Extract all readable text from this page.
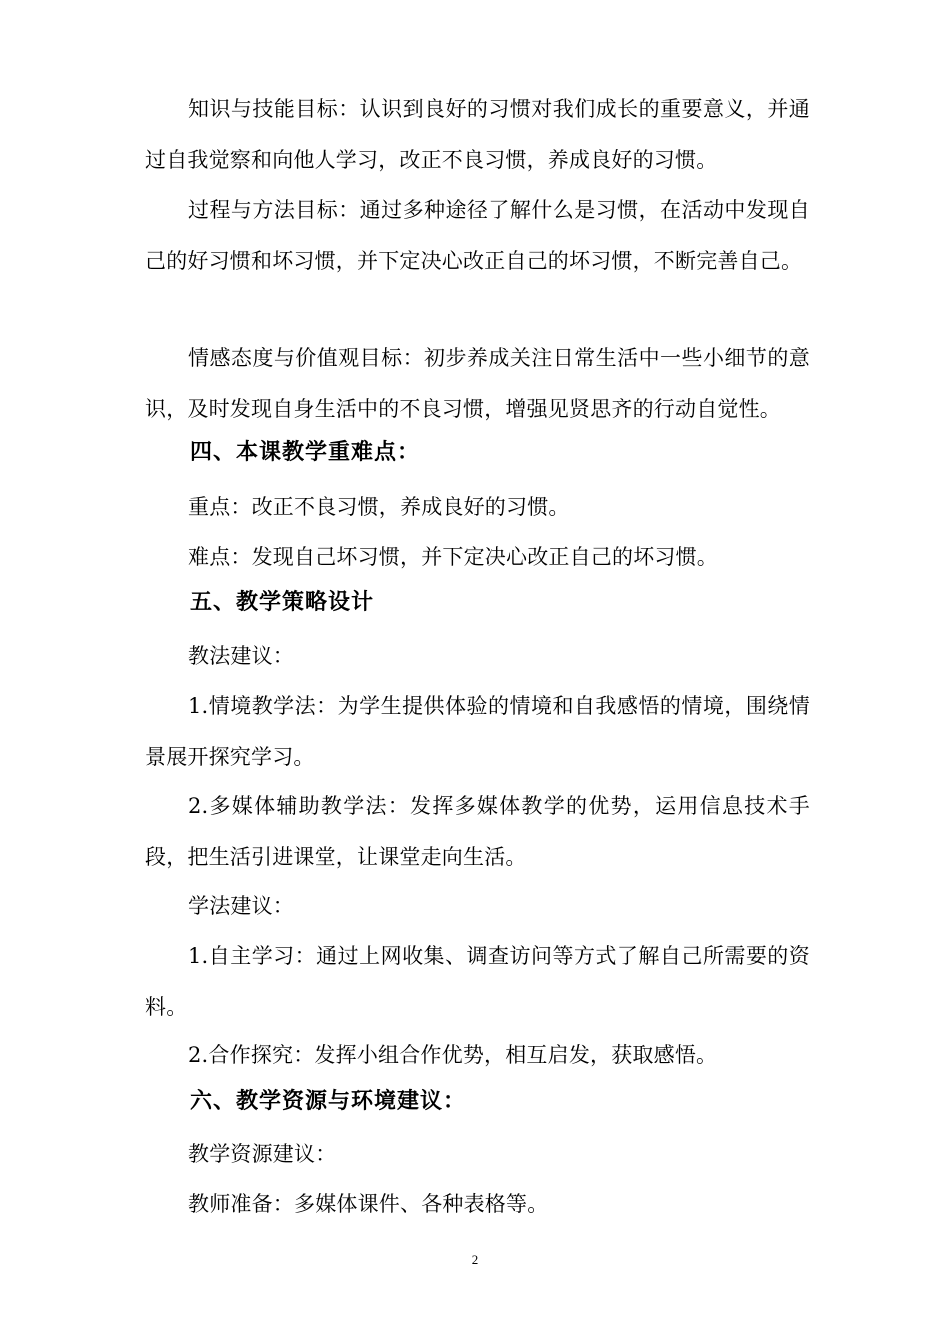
知识与技能目标：认识到良好的习惯对我们成长的重要意义，并通过自我觉察和向他人学习，改正不良习惯，养成良好的习惯。

过程与方法目标：通过多种途径了解什么是习惯，在活动中发现自己的好习惯和坏习惯，并下定决心改正自己的坏习惯，不断完善自己。

情感态度与价值观目标：初步养成关注日常生活中一些小细节的意识，及时发现自身生活中的不良习惯，增强见贤思齐的行动自觉性。

四、本课教学重难点：

重点：改正不良习惯，养成良好的习惯。

难点：发现自己坏习惯，并下定决心改正自己的坏习惯。

五、教学策略设计

教法建议：

1.情境教学法：为学生提供体验的情境和自我感悟的情境，围绕情景展开探究学习。

2.多媒体辅助教学法：发挥多媒体教学的优势，运用信息技术手段，把生活引进课堂，让课堂走向生活。

学法建议：

1.自主学习：通过上网收集、调查访问等方式了解自己所需要的资料。

2.合作探究：发挥小组合作优势，相互启发，获取感悟。

六、教学资源与环境建议：

教学资源建议：

教师准备：多媒体课件、各种表格等。

2
